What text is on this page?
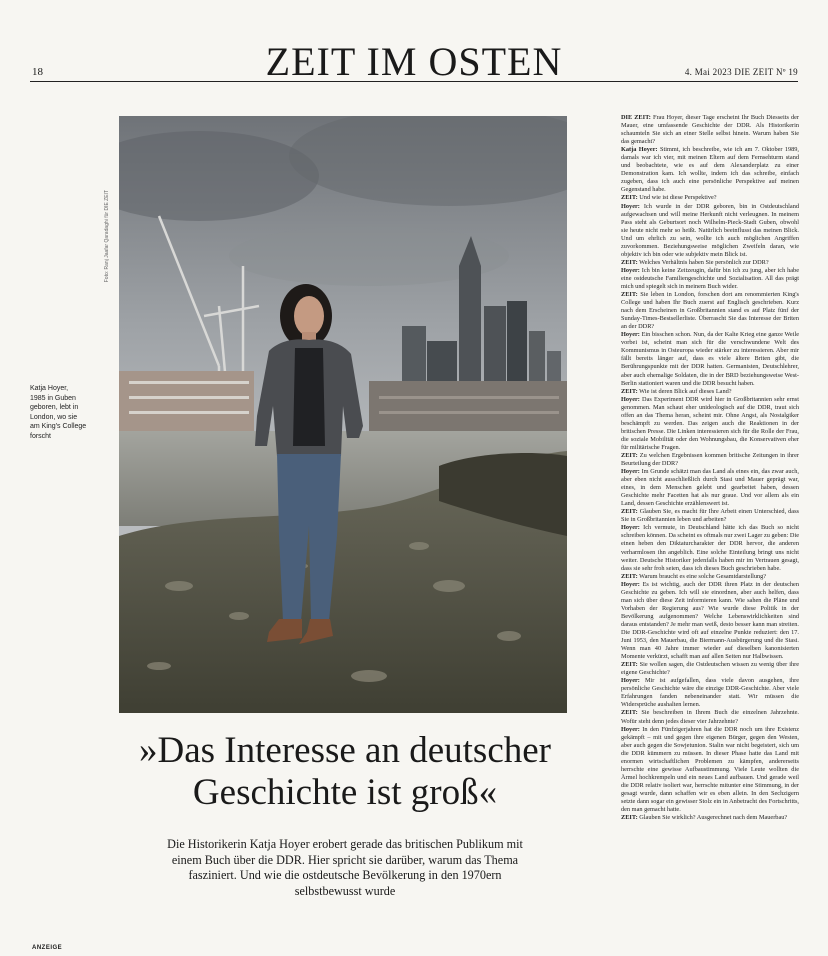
18	ZEIT IM OSTEN	4. Mai 2023 DIE ZEIT Nº 19
Foto: Ranj Jaafar Qaradaghi für DIE ZEIT
Katja Hoyer,
1985 in Guben
geboren, lebt in
London, wo sie
am King's College
forscht
»Das Interesse an deutscher
Geschichte ist groß«
Die Historikerin Katja Hoyer erobert gerade das britischen Publikum mit
einem Buch über die DDR. Hier spricht sie darüber, warum das Thema
fasziniert. Und wie die ostdeutsche Bevölkerung in den 1970ern
selbstbewusst wurde

DIE ZEIT: Frau Hoyer, dieser Tage erscheint Ihr Buch Diesseits der Mauer, eine umfassende Geschichte der DDR. Als Historikerin schaumteln Sie sich an einer Stelle selbst hinein. Warum haben Sie das gemacht?

Katja Hoyer: Stimmt, ich beschreibe, wie ich am 7. Oktober 1989, damals war ich vier, mit meinen Eltern auf dem Fernsehturm stand und beobachtete, wie es auf dem Alexanderplatz zu einer Demonstration kam. Ich wollte, indem ich das schreibe, einfach zugeben, dass ich auch eine persönliche Perspektive auf meinen Gegenstand habe.

ZEIT: Und wie ist diese Perspektive?

Hoyer: Ich wurde in der DDR geboren, bin in Ostdeutschland aufgewachsen und will meine Herkunft nicht verleugnen. In meinem Pass steht als Geburtsort noch Wilhelm-Pieck-Stadt Guben, obwohl sie heute nicht mehr so heißt. Natürlich beeinflusst das meinen Blick. Und um ehrlich zu sein, wollte ich auch möglichen Angriffen zuvorkommen. Beziehungsweise möglichen Zweifeln daran, wie objektiv ich bin oder wie subjektiv mein Blick ist.

ZEIT: Welches Verhältnis haben Sie persönlich zur DDR?

Hoyer: Ich bin keine Zeitzeugin, dafür bin ich zu jung, aber ich habe eine ostdeutsche Familiengeschichte und Sozialisation. All das prägt mich und spiegelt sich in meinem Buch wider.

ZEIT: Sie leben in London, forschen dort am renommierten King's College und haben Ihr Buch zuerst auf Englisch geschrieben. Kurz nach dem Erscheinen in Großbritannien stand es auf Platz fünf der Sunday-Times-Bestsellerliste. Überrascht Sie das Interesse der Briten an der DDR?

Hoyer: Ein bisschen schon. Nun, da der Kalte Krieg eine ganze Weile vorbei ist, scheint man sich für die verschwundene Welt des Kommunismus in Osteuropa wieder stärker zu interessieren. Aber mir fällt bereits länger auf, dass es viele ältere Briten gibt, die Berührungspunkte mit der DDR hatten. Germanisten, Deutschlehrer, aber auch ehemalige Soldaten, die in der BRD beziehungsweise West-Berlin stationiert waren und die DDR besucht haben.

ZEIT: Wie ist deren Blick auf dieses Land?

Hoyer: Das Experiment DDR wird hier in Großbritannien sehr ernst genommen. Man schaut eher unideologisch auf die DDR, traut sich offen an das Thema heran, scheint mir. Ohne Angst, als Nostalgiker beschämpft zu werden. Das zeigen auch die Reaktionen in der britischen Presse. Die Linken interessieren sich für die Rolle der Frau, die soziale Mobilität oder den Wohnungsbau, die Konservativen eher für militärische Fragen.

ZEIT: Zu welchen Ergebnissen kommen britische Zeitungen in ihrer Beurteilung der DDR?

Hoyer: Im Grunde schätzt man das Land als eines ein, das zwar auch, aber eben nicht ausschließlich durch Stasi und Mauer geprägt war, eines, in dem Menschen gelebt und gearbeitet haben, dessen Geschichte mehr Facetten hat als nur graue. Und vor allem als ein Land, dessen Geschichte erzählenswert ist.

ZEIT: Glauben Sie, es macht für Ihre Arbeit einen Unterschied, dass Sie in Großbritannien leben und arbeiten?

Hoyer: Ich vermute, in Deutschland hätte ich das Buch so nicht schreiben können. Da scheint es oftmals nur zwei Lager zu geben: Die einen heben den Diktaturcharakter der DDR hervor, die anderen verharmlosen ihn angeblich. Eine solche Einteilung bringt uns nicht weiter. Deutsche Historiker jedenfalls haben mir im Vertrauen gesagt, dass sie sehr froh seien, dass ich dieses Buch geschrieben habe.

ZEIT: Warum braucht es eine solche Gesamtdarstellung?

Hoyer: Es ist wichtig, auch der DDR ihren Platz in der deutschen Geschichte zu geben. Ich will sie einordnen, aber auch helfen, dass man sich über diese Zeit informieren kann. Wie sahen die Pläne und Vorhaben der Regierung aus? Wie wurde diese Politik in der Bevölkerung aufgenommen? Welche Lebenswirklichkeiten sind daraus entstanden? Je mehr man weiß, desto besser kann man streiten. Die DDR-Geschichte wird oft auf einzelne Punkte reduziert: den 17. Juni 1953, den Mauerbau, die Biermann-Ausbürgerung und die Stasi. Wenn man 40 Jahre immer wieder auf dieselben kanonisierten Momente verkürzt, schafft man auf allen Seiten nur Halbwissen.

ZEIT: Sie wollen sagen, die Ostdeutschen wissen zu wenig über ihre eigene Geschichte?

Hoyer: Mir ist aufgefallen, dass viele davon ausgehen, ihre persönliche Geschichte wäre die einzige DDR-Geschichte. Aber viele Erfahrungen fanden nebeneinander statt. Wir müssen die Widersprüche aushalten lernen.

ZEIT: Sie beschreiben in Ihrem Buch die einzelnen Jahrzehnte. Wofür steht denn jedes dieser vier Jahrzehnte?

Hoyer: In den Fünfzigerjahren hat die DDR noch um ihre Existenz gekämpft – mit und gegen ihre eigenen Bürger, gegen den Westen, aber auch gegen die Sowjetunion. Stalin war nicht begeistert, sich um die DDR kümmern zu müssen. In dieser Phase hatte das Land mit enormen wirtschaftlichen Problemen zu kämpfen, andererseits herrschte eine gewisse Aufbaustimmung. Viele Leute wollten die Ärmel hochkrempeln und ein neues Land aufbauen. Und gerade weil die DDR relativ isoliert war, herrschte mitunter eine Stimmung, in der gesagt wurde, dann schaffen wir es eben allein. In den Sechzigern setzte dann sogar ein gewisser Stolz ein in Anbetracht des Fortschritts, den man gemacht hatte.

ZEIT: Glauben Sie wirklich? Ausgerechnet nach dem Mauerbau?

ANZEIGE
